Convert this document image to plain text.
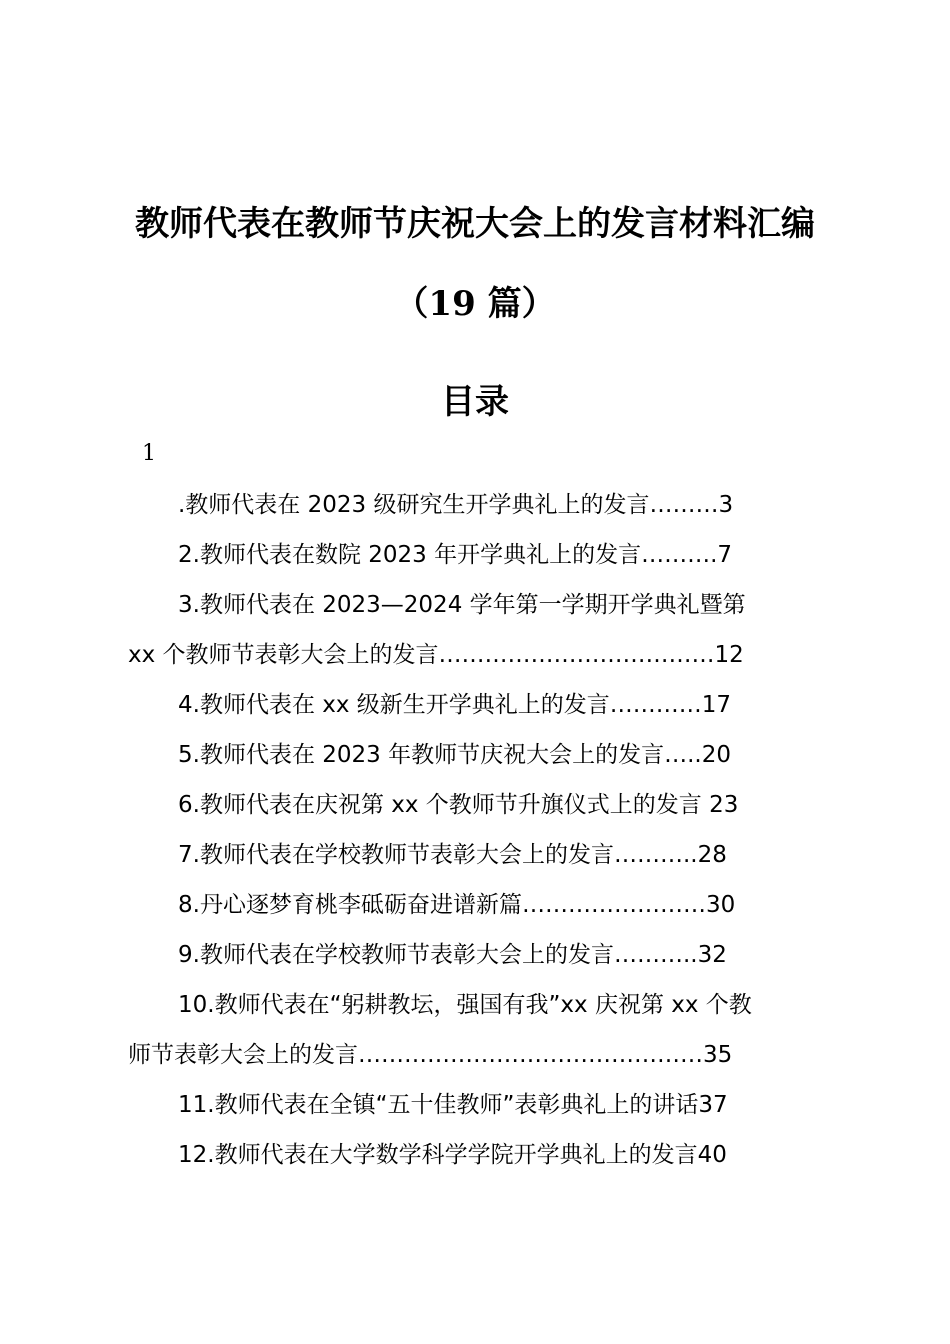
教师代表在教师节庆祝大会上的发言材料汇编
（19 篇）
目录
1
.教师代表在 2023 级研究生开学典礼上的发言………3
2.教师代表在数院 2023 年开学典礼上的发言……….7
3.教师代表在 2023—2024 学年第一学期开学典礼暨第
xx 个教师节表彰大会上的发言………………………………12
4.教师代表在 xx 级新生开学典礼上的发言…………17
5.教师代表在 2023 年教师节庆祝大会上的发言…..20
6.教师代表在庆祝第 xx 个教师节升旗仪式上的发言 23
7.教师代表在学校教师节表彰大会上的发言………..28
8.丹心逐梦育桃李砥砺奋进谱新篇……………………30
9.教师代表在学校教师节表彰大会上的发言………..32
10.教师代表在“躬耕教坛，强国有我”xx 庆祝第 xx 个教
师节表彰大会上的发言………………………………………35
11.教师代表在全镇“五十佳教师”表彰典礼上的讲话37
12.教师代表在大学数学科学学院开学典礼上的发言40
